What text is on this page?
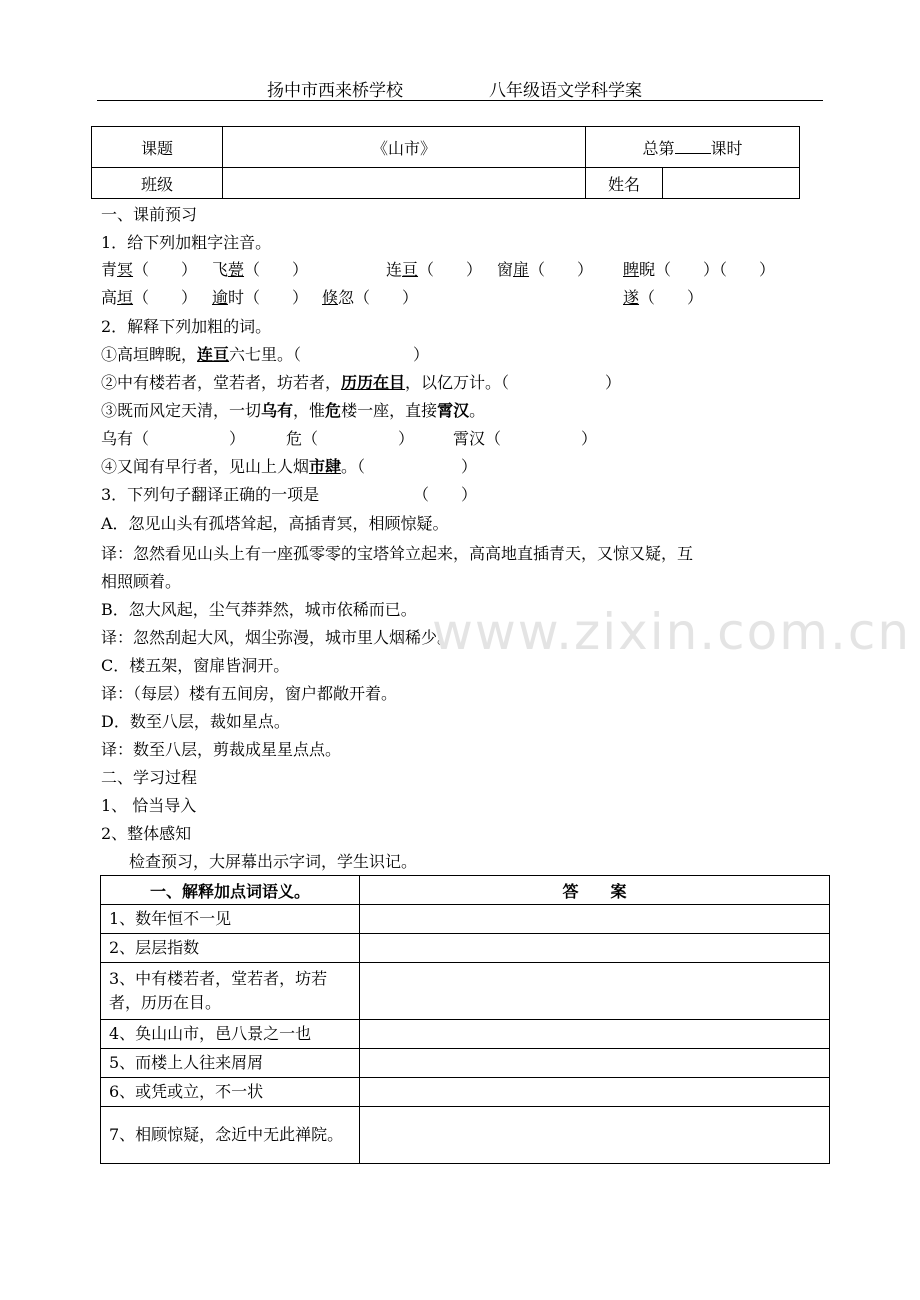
扬中市西来桥学校	八年级语文学科学案
课题	《山市》	总第 课时	
班级		姓名	
一、课前预习
1．给下列加粗字注音。
青冥（　　） 飞甍（　　）	连亘（　　） 窗扉（　　） 睥睨（　　）（　　）
高垣（　　） 逾时（　　） 倏忽（　　）	遂（　　）
2．解释下列加粗的词。
①高垣睥睨，连亘六七里。（　　　　　　　）
②中有楼若者，堂若者，坊若者，历历在目，以亿万计。（　　　　　　）
③既而风定天清，一切乌有，惟危楼一座，直接霄汉。
乌有（　　　　　）	危（　　　　　） 霄汉（　　　　　）
④又闻有早行者，见山上人烟市肆。（　　　　　　）
3．下列句子翻译正确的一项是	（　　）
A．忽见山头有孤塔耸起，高插青冥，相顾惊疑。
译：忽然看见山头上有一座孤零零的宝塔耸立起来，高高地直插青天，又惊又疑，互
相照顾着。
B．忽大风起，尘气莽莽然，城市依稀而已。
译：忽然刮起大风，烟尘弥漫，城市里人烟稀少。
C．楼五架，窗扉皆洞开。
译：（每层）楼有五间房，窗户都敞开着。
D．数至八层，裁如星点。
译：数至八层，剪裁成星星点点。
二、学习过程
1、 恰当导入
2、整体感知
检查预习，大屏幕出示字词，学生识记。
www.zixin.com.cn
一、解释加点词语义。	答　　案
1、数年恒不一见	
2、层层指数	
3、中有楼若者，堂若者，坊若者，历历在目。	
4、奂山山市，邑八景之一也	
5、而楼上人往来屑屑	
6、或凭或立，不一状	
7、相顾惊疑，念近中无此禅院。	
